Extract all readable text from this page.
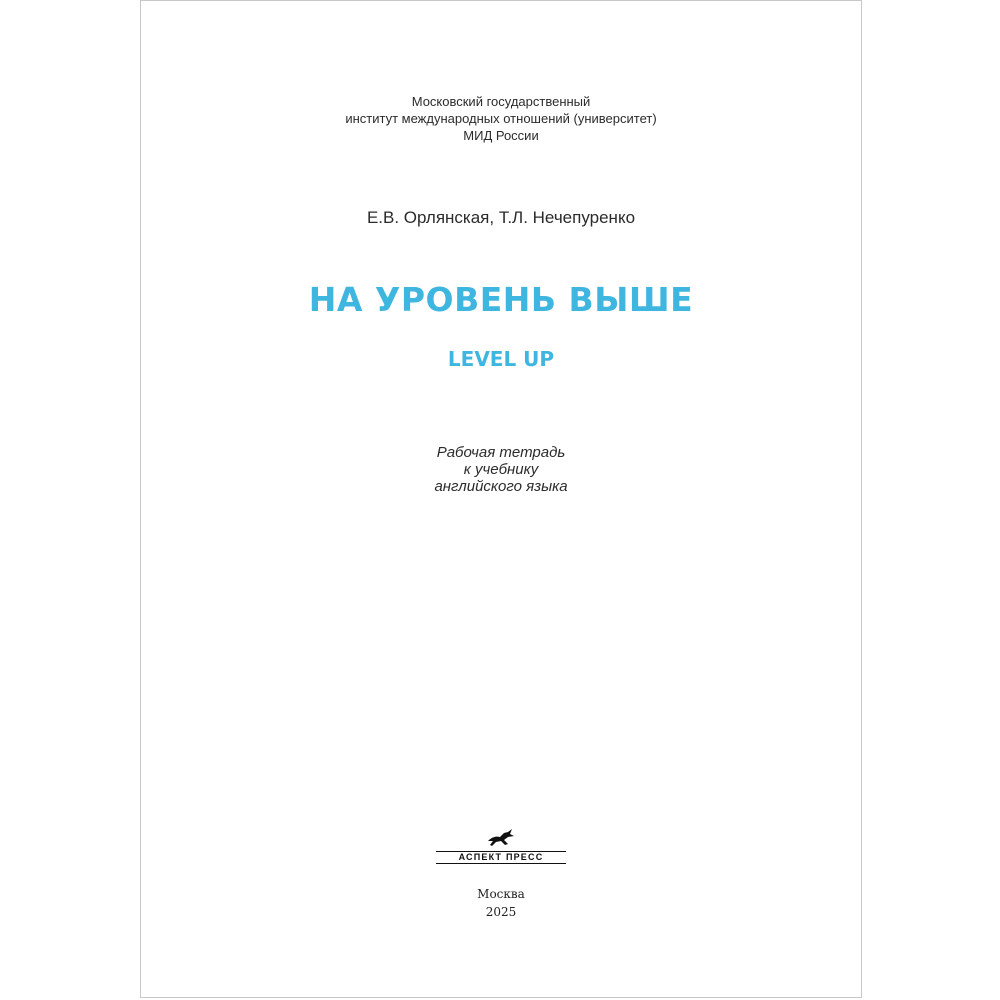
Московский государственный
институт международных отношений (университет)
МИД России
Е.В. Орлянская, Т.Л. Нечепуренко
НА УРОВЕНЬ ВЫШЕ
LEVEL UP
Рабочая тетрадь
к учебнику
английского языка
АСПЕКТ ПРЕСС
Москва
2025
